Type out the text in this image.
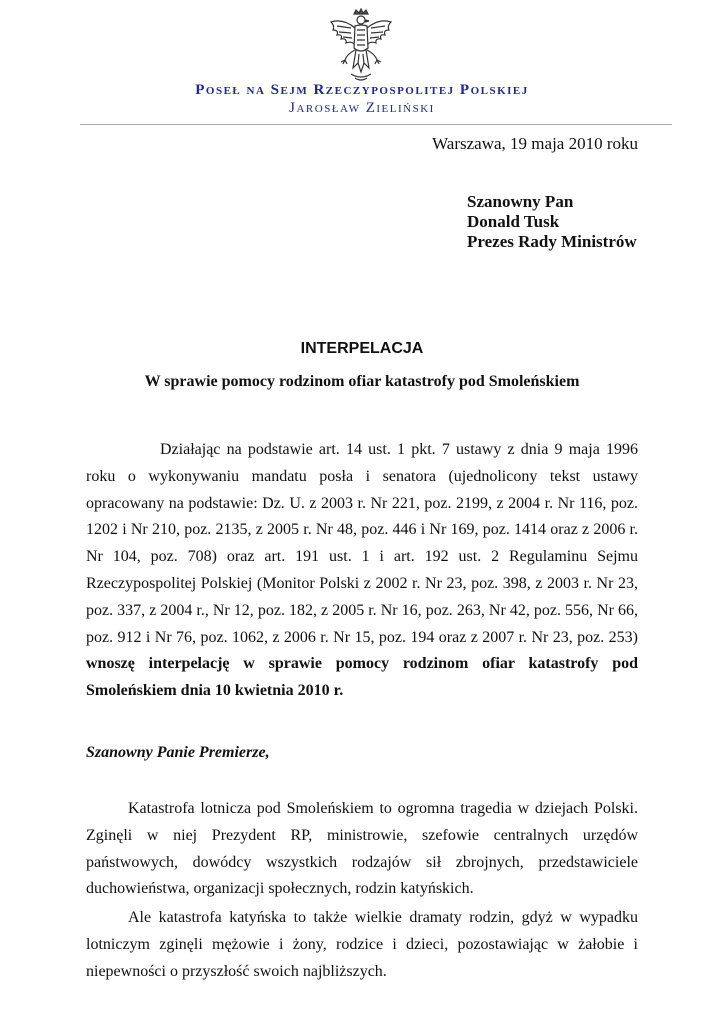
Poseł na Sejm Rzeczypospolitej Polskiej
Jarosław Zieliński
Warszawa, 19 maja 2010 roku
Szanowny Pan
Donald Tusk
Prezes Rady Ministrów
INTERPELACJA
W sprawie pomocy rodzinom ofiar katastrofy pod Smoleńskiem
Działając na podstawie art. 14 ust. 1 pkt. 7 ustawy z dnia 9 maja 1996 roku o wykonywaniu mandatu posła i senatora (ujednolicony tekst ustawy opracowany na podstawie: Dz. U. z 2003 r. Nr 221, poz. 2199, z 2004 r. Nr 116, poz. 1202 i Nr 210, poz. 2135, z 2005 r. Nr 48, poz. 446 i Nr 169, poz. 1414 oraz z 2006 r. Nr 104, poz. 708) oraz art. 191 ust. 1 i art. 192 ust. 2 Regulaminu Sejmu Rzeczypospolitej Polskiej (Monitor Polski z 2002 r. Nr 23, poz. 398, z 2003 r. Nr 23, poz. 337, z 2004 r., Nr 12, poz. 182, z 2005 r. Nr 16, poz. 263, Nr 42, poz. 556, Nr 66, poz. 912 i Nr 76, poz. 1062, z 2006 r. Nr 15, poz. 194 oraz z 2007 r. Nr 23, poz. 253) wnoszę interpelację w sprawie pomocy rodzinom ofiar katastrofy pod Smoleńskiem dnia 10 kwietnia 2010 r.
Szanowny Panie Premierze,
Katastrofa lotnicza pod Smoleńskiem to ogromna tragedia w dziejach Polski. Zginęli w niej Prezydent RP, ministrowie, szefowie centralnych urzędów państwowych, dowódcy wszystkich rodzajów sił zbrojnych, przedstawiciele duchowieństwa, organizacji społecznych, rodzin katyńskich.
Ale katastrofa katyńska to także wielkie dramaty rodzin, gdyż w wypadku lotniczym zginęli mężowie i żony, rodzice i dzieci, pozostawiając w żałobie i niepewności o przyszłość swoich najbliższych.
